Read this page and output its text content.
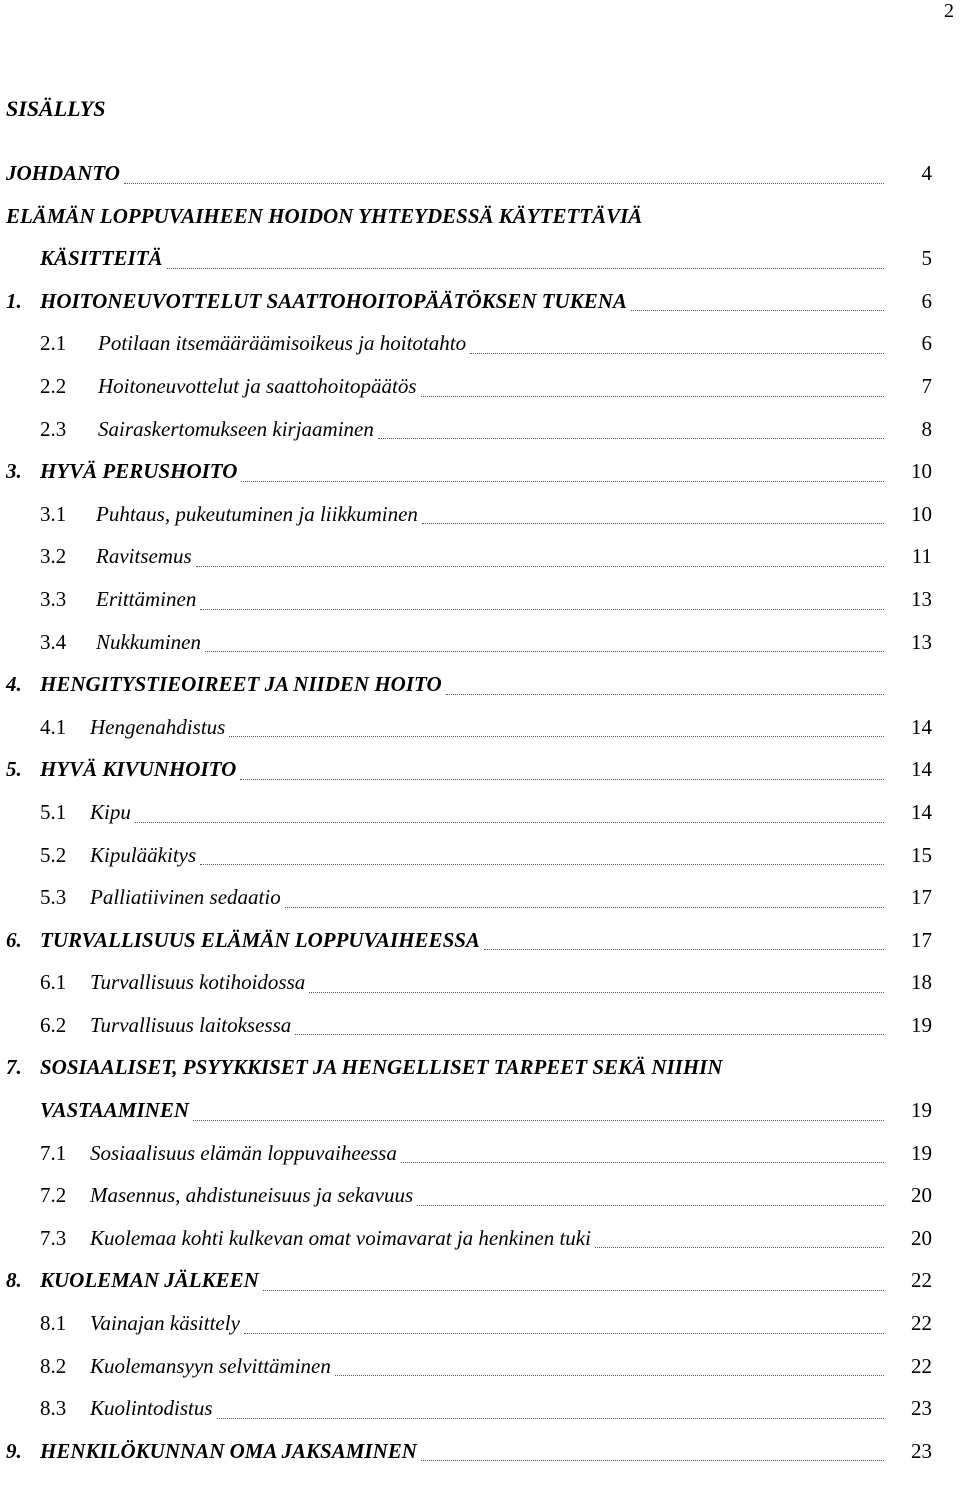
2
SISÄLLYS
JOHDANTO	4
ELÄMÄN LOPPUVAIHEEN HOIDON YHTEYDESSÄ KÄYTETTÄVIÄ
KÄSITTEITÄ	5
1. HOITONEUVOTTELUT SAATTOHOITOPÄÄTÖKSEN TUKENA	6
2.1 Potilaan itsemääräämisoikeus ja hoitotahto	6
2.2 Hoitoneuvottelut ja saattohoitopäätös	7
2.3 Sairaskertomukseen kirjaaminen	8
3. HYVÄ PERUSHOITO	10
3.1 Puhtaus, pukeutuminen ja liikkuminen	10
3.2 Ravitsemus	11
3.3 Erittäminen	13
3.4 Nukkuminen	13
4. HENGITYSTIEOIREET JA NIIDEN HOITO
4.1 Hengenahdistus	14
5. HYVÄ KIVUNHOITO	14
5.1 Kipu	14
5.2 Kipulääkitys	15
5.3 Palliatiivinen sedaatio	17
6. TURVALLISUUS ELÄMÄN LOPPUVAIHEESSA	17
6.1 Turvallisuus kotihoidossa	18
6.2 Turvallisuus laitoksessa	19
7. SOSIAALISET, PSYYKKISET JA HENGELLISET TARPEET SEKÄ NIIHIN
VASTAAMINEN	19
7.1 Sosiaalisuus elämän loppuvaiheessa	19
7.2 Masennus, ahdistuneisuus ja sekavuus	20
7.3 Kuolemaa kohti kulkevan omat voimavarat ja henkinen tuki	20
8. KUOLEMAN JÄLKEEN	22
8.1 Vainajan käsittely	22
8.2 Kuolemansyyn selvittäminen	22
8.3 Kuolintodistus	23
9. HENKILÖKUNNAN OMA JAKSAMINEN	23
